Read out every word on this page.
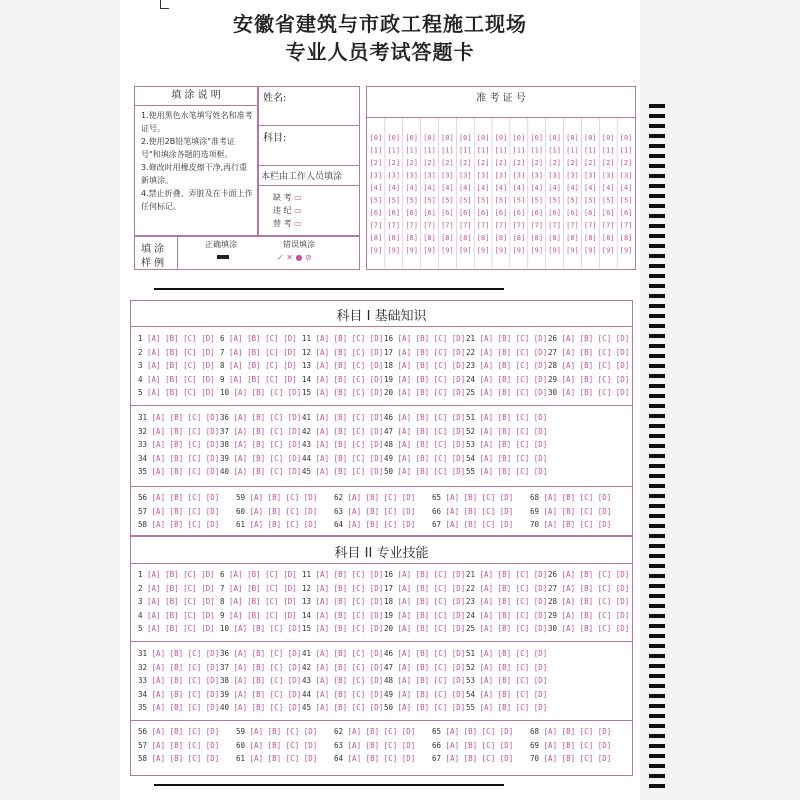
安徽省建筑与市政工程施工现场
专业人员考试答题卡
填 涂 说 明
1.使用黑色水笔填写姓名和准考证号。
2.使用2B铅笔填涂"准考证号"和填涂各题的选项框。
3.修改时用橡皮擦干净,再行重新填涂。
4.禁止折叠、弄脏及在卡面上作任何标记。
姓名:
科目:
本栏由工作人员填涂
缺 考 ▭
违 纪 ▭
替 考 ▭
填 涂
样 例
正确填涂	错误填涂
✓ ✕ ● ⊘
准 考 证 号
[0] [0] [0] [0] [0] [0] [0] [0] [0] [0] [0] [0] [0] [0] [0]
[1] [1] [1] [1] [1] [1] [1] [1] [1] [1] [1] [1] [1] [1] [1]
[2] [2] [2] [2] [2] [2] [2] [2] [2] [2] [2] [2] [2] [2] [2]
[3] [3] [3] [3] [3] [3] [3] [3] [3] [3] [3] [3] [3] [3] [3]
[4] [4] [4] [4] [4] [4] [4] [4] [4] [4] [4] [4] [4] [4] [4]
[5] [5] [5] [5] [5] [5] [5] [5] [5] [5] [5] [5] [5] [5] [5]
[6] [6] [6] [6] [6] [6] [6] [6] [6] [6] [6] [6] [6] [6] [6]
[7] [7] [7] [7] [7] [7] [7] [7] [7] [7] [7] [7] [7] [7] [7]
[8] [8] [8] [8] [8] [8] [8] [8] [8] [8] [8] [8] [8] [8] [8]
[9] [9] [9] [9] [9] [9] [9] [9] [9] [9] [9] [9] [9] [9] [9]
科目 I 基础知识
1 [A] [B] [C] [D] 6 [A] [B] [C] [D] 11 [A] [B] [C] [D]16 [A] [B] [C] [D]21 [A] [B] [C] [D]26 [A] [B] [C] [D]
2 [A] [B] [C] [D] 7 [A] [B] [C] [D] 12 [A] [B] [C] [D]17 [A] [B] [C] [D]22 [A] [B] [C] [D]27 [A] [B] [C] [D]
3 [A] [B] [C] [D] 8 [A] [B] [C] [D] 13 [A] [B] [C] [D]18 [A] [B] [C] [D]23 [A] [B] [C] [D]28 [A] [B] [C] [D]
4 [A] [B] [C] [D] 9 [A] [B] [C] [D] 14 [A] [B] [C] [D]19 [A] [B] [C] [D]24 [A] [B] [C] [D]29 [A] [B] [C] [D]
5 [A] [B] [C] [D] 10 [A] [B] [C] [D]15 [A] [B] [C] [D]20 [A] [B] [C] [D]25 [A] [B] [C] [D]30 [A] [B] [C] [D]
31 [A] [B] [C] [D]36 [A] [B] [C] [D]41 [A] [B] [C] [D]46 [A] [B] [C] [D]51 [A] [B] [C] [D]
32 [A] [B] [C] [D]37 [A] [B] [C] [D]42 [A] [B] [C] [D]47 [A] [B] [C] [D]52 [A] [B] [C] [D]
33 [A] [B] [C] [D]38 [A] [B] [C] [D]43 [A] [B] [C] [D]48 [A] [B] [C] [D]53 [A] [B] [C] [D]
34 [A] [B] [C] [D]39 [A] [B] [C] [D]44 [A] [B] [C] [D]49 [A] [B] [C] [D]54 [A] [B] [C] [D]
35 [A] [B] [C] [D]40 [A] [B] [C] [D]45 [A] [B] [C] [D]50 [A] [B] [C] [D]55 [A] [B] [C] [D]
56 [A] [B] [C] [D] 59 [A] [B] [C] [D] 62 [A] [B] [C] [D] 65 [A] [B] [C] [D] 68 [A] [B] [C] [D]
57 [A] [B] [C] [D] 60 [A] [B] [C] [D] 63 [A] [B] [C] [D] 66 [A] [B] [C] [D] 69 [A] [B] [C] [D]
58 [A] [B] [C] [D] 61 [A] [B] [C] [D] 64 [A] [B] [C] [D] 67 [A] [B] [C] [D] 70 [A] [B] [C] [D]
科目 II 专业技能
1 [A] [B] [C] [D] 6 [A] [B] [C] [D] 11 [A] [B] [C] [D]16 [A] [B] [C] [D]21 [A] [B] [C] [D]26 [A] [B] [C] [D]
2 [A] [B] [C] [D] 7 [A] [B] [C] [D] 12 [A] [B] [C] [D]17 [A] [B] [C] [D]22 [A] [B] [C] [D]27 [A] [B] [C] [D]
3 [A] [B] [C] [D] 8 [A] [B] [C] [D] 13 [A] [B] [C] [D]18 [A] [B] [C] [D]23 [A] [B] [C] [D]28 [A] [B] [C] [D]
4 [A] [B] [C] [D] 9 [A] [B] [C] [D] 14 [A] [B] [C] [D]19 [A] [B] [C] [D]24 [A] [B] [C] [D]29 [A] [B] [C] [D]
5 [A] [B] [C] [D] 10 [A] [B] [C] [D]15 [A] [B] [C] [D]20 [A] [B] [C] [D]25 [A] [B] [C] [D]30 [A] [B] [C] [D]
31 [A] [B] [C] [D]36 [A] [B] [C] [D]41 [A] [B] [C] [D]46 [A] [B] [C] [D]51 [A] [B] [C] [D]
32 [A] [B] [C] [D]37 [A] [B] [C] [D]42 [A] [B] [C] [D]47 [A] [B] [C] [D]52 [A] [B] [C] [D]
33 [A] [B] [C] [D]38 [A] [B] [C] [D]43 [A] [B] [C] [D]48 [A] [B] [C] [D]53 [A] [B] [C] [D]
34 [A] [B] [C] [D]39 [A] [B] [C] [D]44 [A] [B] [C] [D]49 [A] [B] [C] [D]54 [A] [B] [C] [D]
35 [A] [B] [C] [D]40 [A] [B] [C] [D]45 [A] [B] [C] [D]50 [A] [B] [C] [D]55 [A] [B] [C] [D]
56 [A] [B] [C] [D] 59 [A] [B] [C] [D] 62 [A] [B] [C] [D] 65 [A] [B] [C] [D] 68 [A] [B] [C] [D]
57 [A] [B] [C] [D] 60 [A] [B] [C] [D] 63 [A] [B] [C] [D] 66 [A] [B] [C] [D] 69 [A] [B] [C] [D]
58 [A] [B] [C] [D] 61 [A] [B] [C] [D] 64 [A] [B] [C] [D] 67 [A] [B] [C] [D] 70 [A] [B] [C] [D]
